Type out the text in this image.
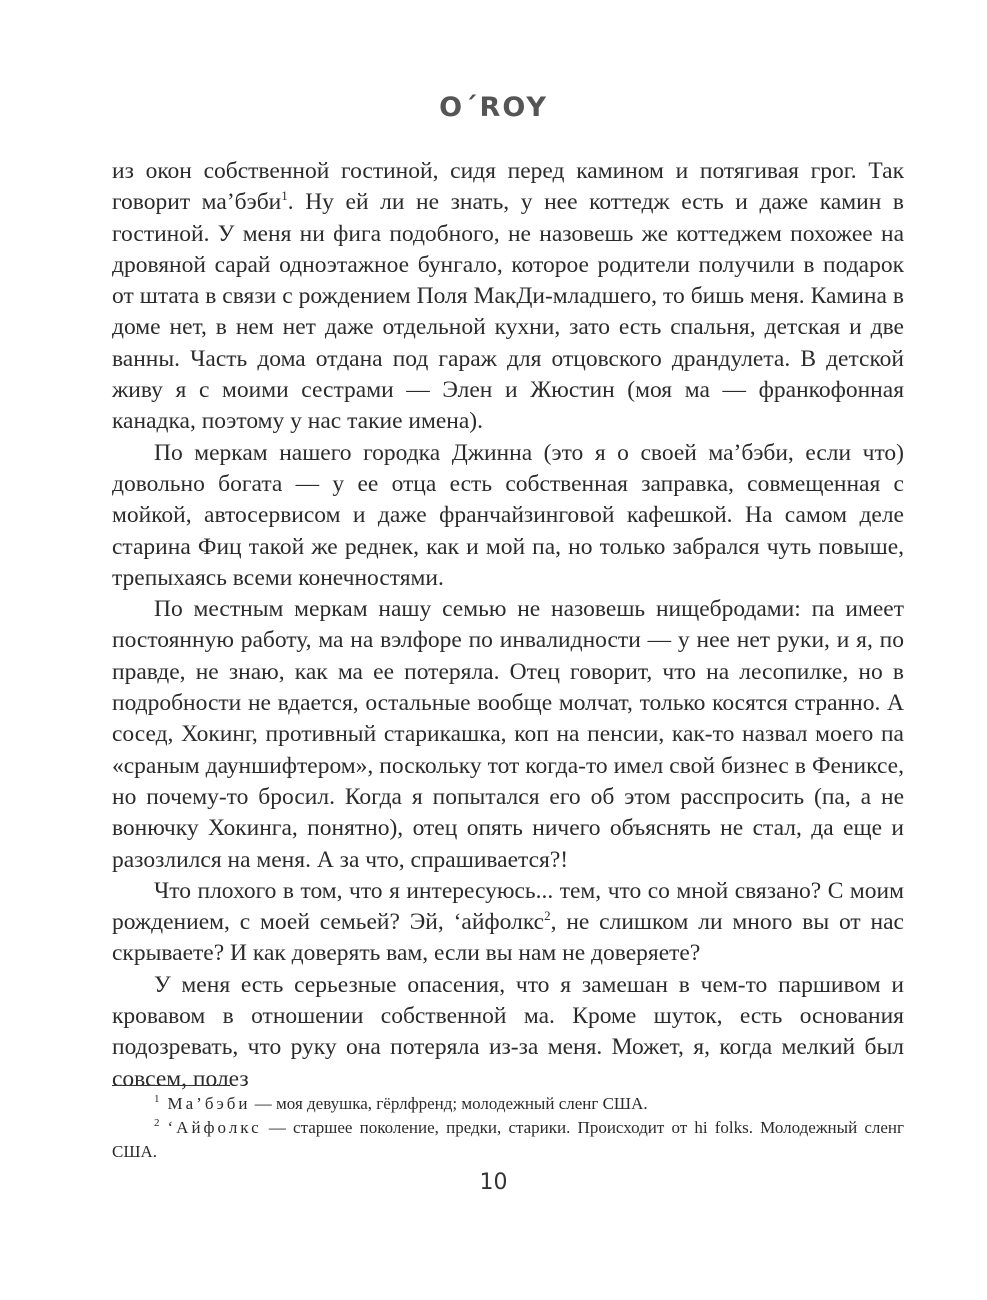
O´ROY

из окон собственной гостиной, сидя перед камином и потягивая грог. Так говорит ма’бэби$^1$. Ну ей ли не знать, у нее коттедж есть и даже камин в гостиной. У меня ни фига подобного, не назовешь же коттеджем похожее на дровяной сарай одноэтажное бунгало, которое родители получили в подарок от штата в связи с рождением Поля МакДи-младшего, то бишь меня. Камина в доме нет, в нем нет даже отдельной кухни, зато есть спальня, детская и две ванны. Часть дома отдана под гараж для отцовского драндулета. В детской живу я с моими сестрами — Элен и Жюстин (моя ма — франкофонная канадка, поэтому у нас такие имена).

По меркам нашего городка Джинна (это я о своей ма’бэби, если что) довольно богата — у ее отца есть собственная заправка, совмещенная с мойкой, автосервисом и даже франчайзинговой кафешкой. На самом деле старина Фиц такой же реднек, как и мой па, но только забрался чуть повыше, трепыхаясь всеми конечностями.

По местным меркам нашу семью не назовешь нищебродами: па имеет постоянную работу, ма на вэлфоре по инвалидности — у нее нет руки, и я, по правде, не знаю, как ма ее потеряла. Отец говорит, что на лесопилке, но в подробности не вдается, остальные вообще молчат, только косятся странно. А сосед, Хокинг, противный старикашка, коп на пенсии, как-то назвал моего па «сраным дауншифтером», поскольку тот когда-то имел свой бизнес в Фениксе, но почему-то бросил. Когда я попытался его об этом расспросить (па, а не вонючку Хокинга, понятно), отец опять ничего объяснять не стал, да еще и разозлился на меня. А за что, спрашивается?!

Что плохого в том, что я интересуюсь... тем, что со мной связано? С моим рождением, с моей семьей? Эй, ‘айфолкс$^2$, не слишком ли много вы от нас скрываете? И как доверять вам, если вы нам не доверяете?

У меня есть серьезные опасения, что я замешан в чем-то паршивом и кровавом в отношении собственной ма. Кроме шуток, есть основания подозревать, что руку она потеряла из-за меня. Может, я, когда мелкий был совсем, полез

$^1$ Ма’бэби — моя девушка, гёрлфренд; молодежный сленг США.

$^2$ ‘Айфолкс — старшее поколение, предки, старики. Происходит от hi folks. Молодежный сленг США.

10
